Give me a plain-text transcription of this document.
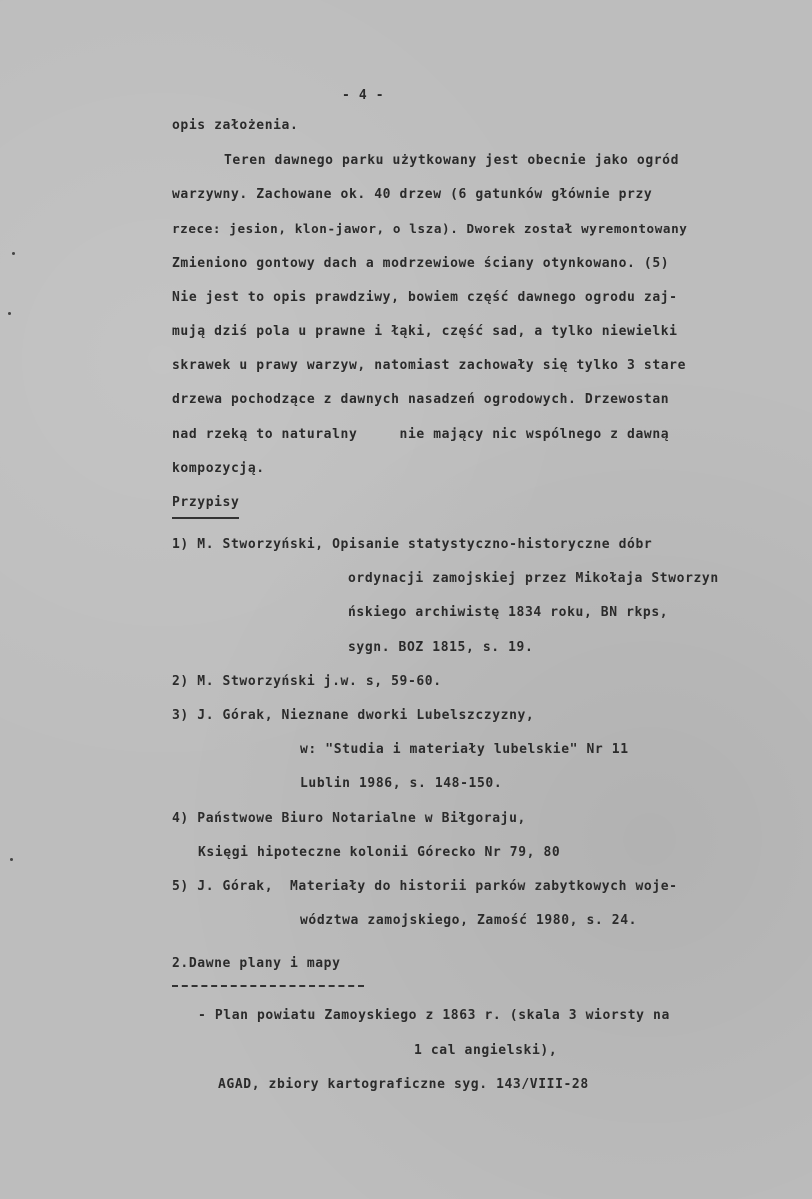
- 4 -
opis założenia.
Teren dawnego parku użytkowany jest obecnie jako ogród
warzywny. Zachowane ok. 40 drzew (6 gatunków głównie przy
rzece: jesion, klon-jawor, o lsza). Dworek został wyremontowany
Zmieniono gontowy dach a modrzewiowe ściany otynkowano. (5)
Nie jest to opis prawdziwy, bowiem część dawnego ogrodu zaj-
mują dziś pola u prawne i łąki, część sad, a tylko niewielki
skrawek u prawy warzyw, natomiast zachowały się tylko 3 stare
drzewa pochodzące z dawnych nasadzeń ogrodowych. Drzewostan
nad rzeką to naturalny     nie mający nic wspólnego z dawną
kompozycją.
Przypisy
1) M. Stworzyński, Opisanie statystyczno-historyczne dóbr
ordynacji zamojskiej przez Mikołaja Stworzyn
ńskiego archiwistę 1834 roku, BN rkps,
sygn. BOZ 1815, s. 19.
2) M. Stworzyński j.w. s, 59-60.
3) J. Górak, Nieznane dworki Lubelszczyzny,
w: "Studia i materiały lubelskie" Nr 11
Lublin 1986, s. 148-150.
4) Państwowe Biuro Notarialne w Biłgoraju,
Księgi hipoteczne kolonii Górecko Nr 79, 80
5) J. Górak,  Materiały do historii parków zabytkowych woje-
wództwa zamojskiego, Zamość 1980, s. 24.
2.Dawne plany i mapy
- Plan powiatu Zamoyskiego z 1863 r. (skala 3 wiorsty na
1 cal angielski),
AGAD, zbiory kartograficzne syg. 143/VIII-28
